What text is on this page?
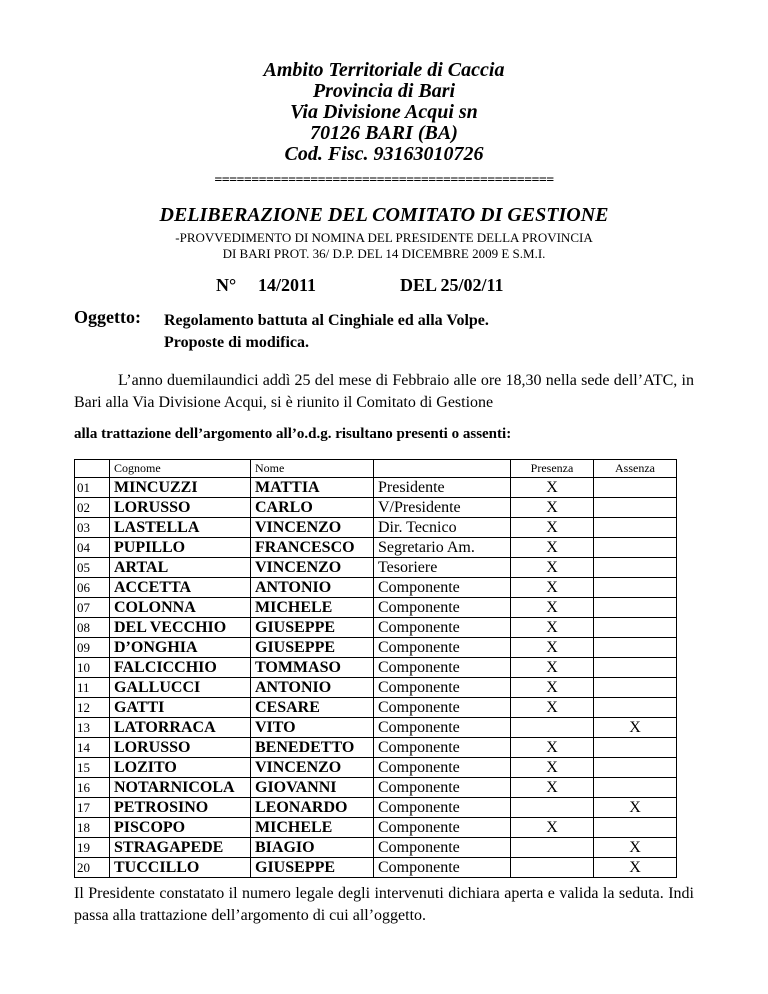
Ambito Territoriale di Caccia
Provincia di Bari
Via Divisione Acqui sn
70126 BARI (BA)
Cod. Fisc. 93163010726
==============================================
DELIBERAZIONE DEL COMITATO DI GESTIONE
-PROVVEDIMENTO DI NOMINA DEL PRESIDENTE DELLA PROVINCIA
DI BARI PROT. 36/ D.P. DEL 14 DICEMBRE 2009 E S.M.I.
N° 14/2011	DEL 25/02/11
Oggetto: Regolamento battuta al Cinghiale ed alla Volpe.
Proposte di modifica.
L’anno duemilaundici addì 25 del mese di Febbraio alle ore 18,30 nella sede dell’ATC, in Bari alla Via Divisione Acqui, si è riunito il Comitato di Gestione
alla trattazione dell’argomento all’o.d.g. risultano presenti o assenti:
	Cognome	Nome		Presenza	Assenza
01	MINCUZZI	MATTIA	Presidente	X	
02	LORUSSO	CARLO	V/Presidente	X	
03	LASTELLA	VINCENZO	Dir. Tecnico	X	
04	PUPILLO	FRANCESCO	Segretario Am.	X	
05	ARTAL	VINCENZO	Tesoriere	X	
06	ACCETTA	ANTONIO	Componente	X	
07	COLONNA	MICHELE	Componente	X	
08	DEL VECCHIO	GIUSEPPE	Componente	X	
09	D’ONGHIA	GIUSEPPE	Componente	X	
10	FALCICCHIO	TOMMASO	Componente	X	
11	GALLUCCI	ANTONIO	Componente	X	
12	GATTI	CESARE	Componente	X	
13	LATORRACA	VITO	Componente		X
14	LORUSSO	BENEDETTO	Componente	X	
15	LOZITO	VINCENZO	Componente	X	
16	NOTARNICOLA	GIOVANNI	Componente	X	
17	PETROSINO	LEONARDO	Componente		X
18	PISCOPO	MICHELE	Componente	X	
19	STRAGAPEDE	BIAGIO	Componente		X
20	TUCCILLO	GIUSEPPE	Componente		X
Il Presidente constatato il numero legale degli intervenuti dichiara aperta e valida la seduta. Indi passa alla trattazione dell’argomento di cui all’oggetto.
